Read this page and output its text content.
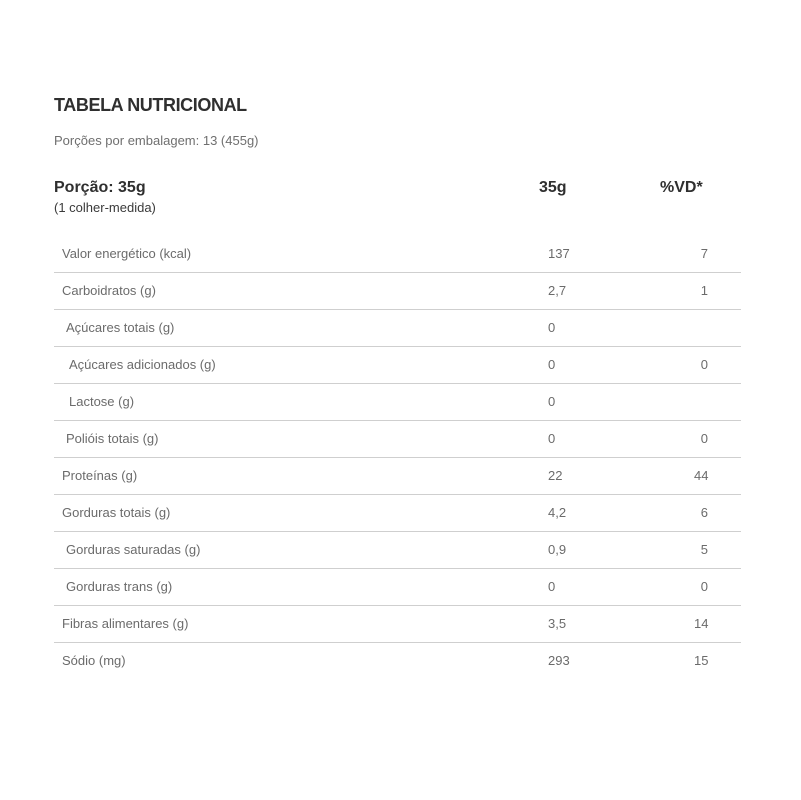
TABELA NUTRICIONAL
Porções por embalagem: 13 (455g)
Porção: 35g
(1 colher-medida)
35g	%VD*
Valor energético (kcal)	137	7
Carboidratos (g)	2,7	1
Açúcares totais (g)	0
Açúcares adicionados (g)	0	0
Lactose (g)	0
Polióis totais (g)	0	0
Proteínas (g)	22	44
Gorduras totais (g)	4,2	6
Gorduras saturadas (g)	0,9	5
Gorduras trans (g)	0	0
Fibras alimentares (g)	3,5	14
Sódio (mg)	293	15
